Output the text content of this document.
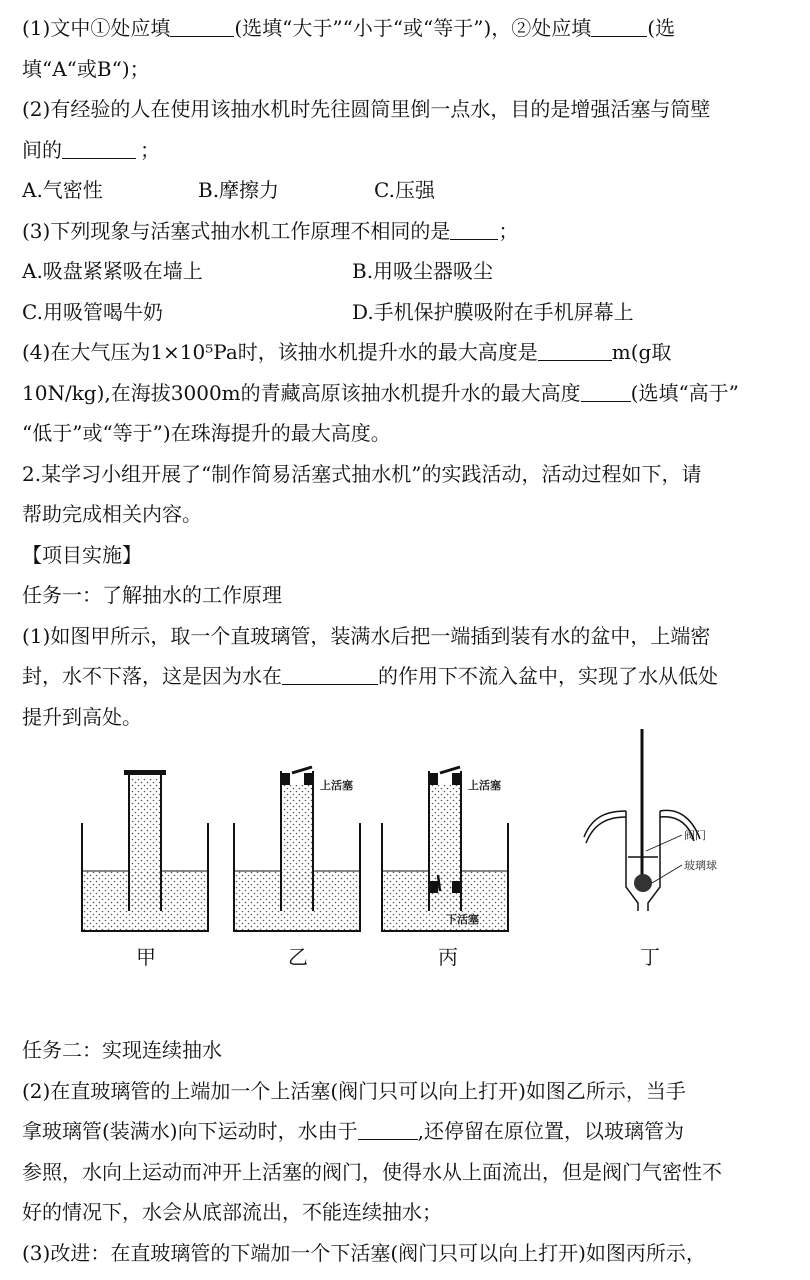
(1)文中①处应填	(选填“大于”“小于“或“等于”)，②处应填	(选
填“A“或B“)；
(2)有经验的人在使用该抽水机时先往圆筒里倒一点水，目的是增强活塞与筒壁
间的	；
A.气密性	B.摩擦力	C.压强
(3)下列现象与活塞式抽水机工作原理不相同的是 ；
A.吸盘紧紧吸在墙上	B.用吸尘器吸尘
C.用吸管喝牛奶	D.手机保护膜吸附在手机屏幕上
(4)在大气压为1×10⁵Pa时，该抽水机提升水的最大高度是	m(g取
10N/kg),在海拔3000m的青藏高原该抽水机提升水的最大高度	(选填“高于”
“低于”或“等于”)在珠海提升的最大高度。
2.某学习小组开展了“制作简易活塞式抽水机”的实践活动，活动过程如下，请
帮助完成相关内容。
【项目实施】
任务一：了解抽水的工作原理
(1)如图甲所示，取一个直玻璃管，装满水后把一端插到装有水的盆中，上端密
封，水不下落，这是因为水在	的作用下不流入盆中，实现了水从低处
提升到高处。
上活塞	上活塞
下活塞
阀门
玻璃球
甲	乙	丙	丁
任务二：实现连续抽水
(2)在直玻璃管的上端加一个上活塞(阀门只可以向上打开)如图乙所示，当手
拿玻璃管(装满水)向下运动时，水由于	,还停留在原位置，以玻璃管为
参照，水向上运动而冲开上活塞的阀门，使得水从上面流出，但是阀门气密性不
好的情况下，水会从底部流出，不能连续抽水；
(3)改进：在直玻璃管的下端加一个下活塞(阀门只可以向上打开)如图丙所示，
